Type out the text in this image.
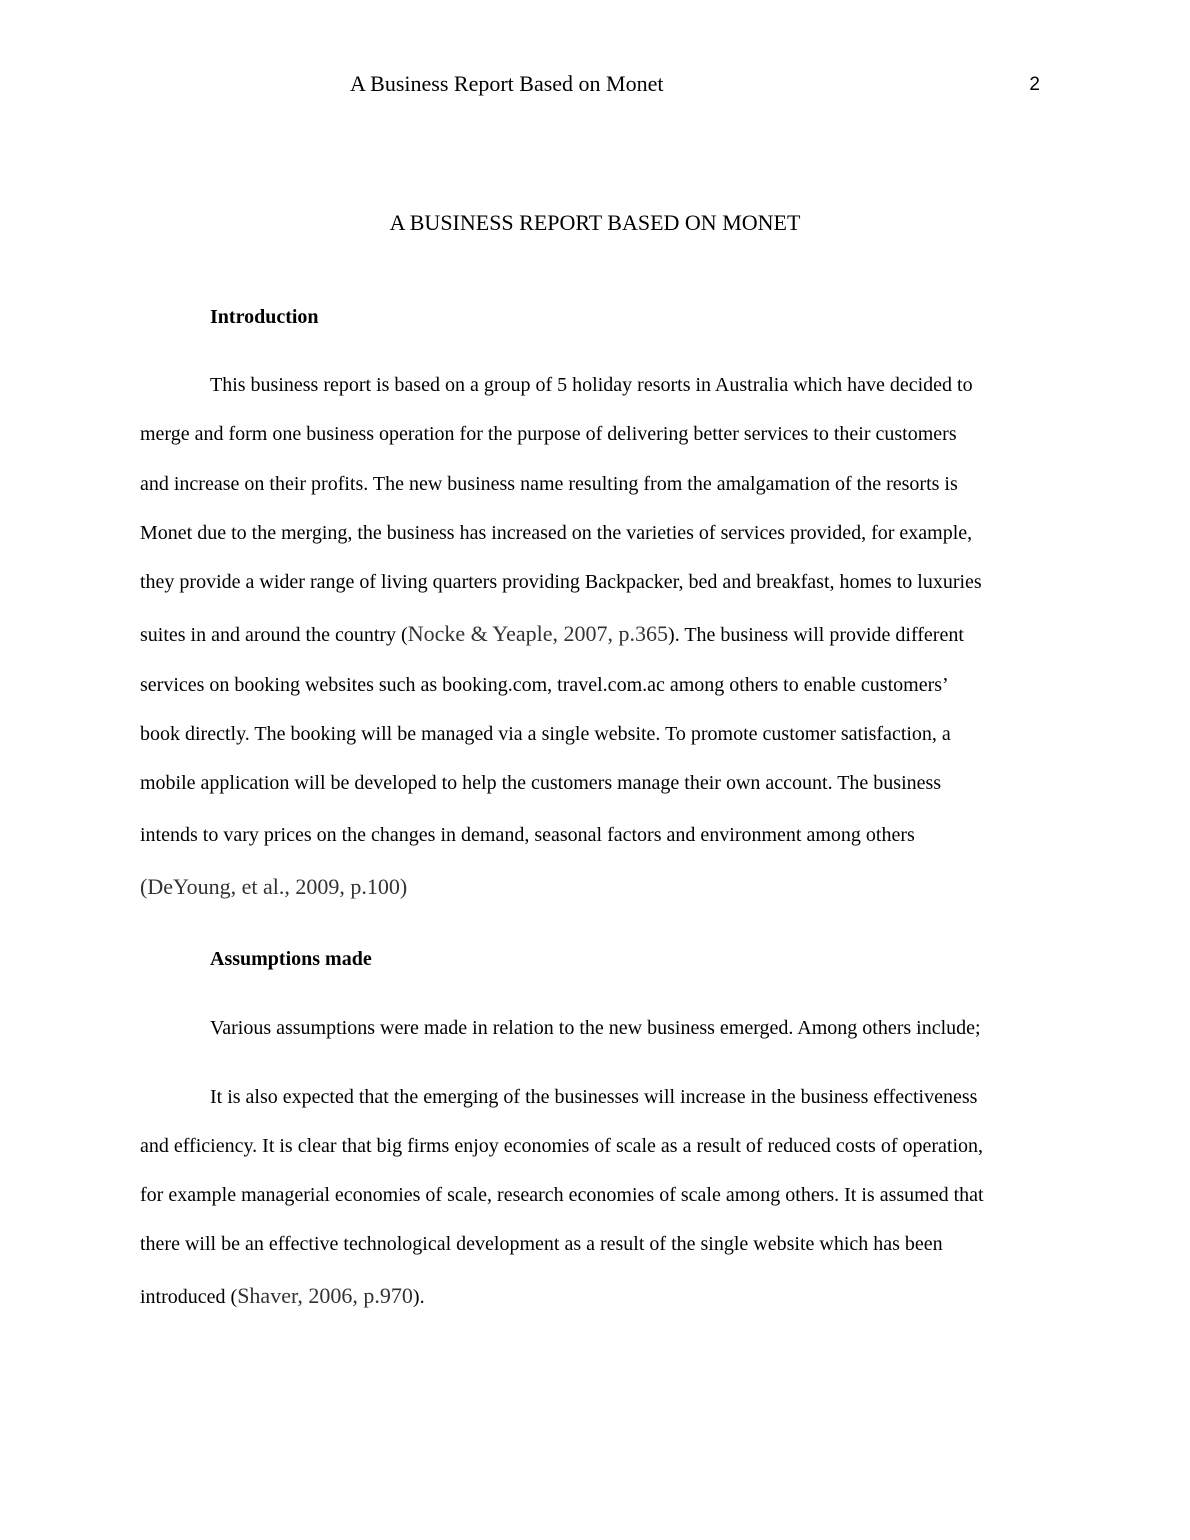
A Business Report Based on Monet	2
A BUSINESS REPORT BASED ON MONET
Introduction
This business report is based on a group of 5 holiday resorts in Australia which have decided to
merge and form one business operation for the purpose of delivering better services to their customers
and increase on their profits. The new business name resulting from the amalgamation of the resorts is
Monet due to the merging, the business has increased on the varieties of services provided, for example,
they provide a wider range of living quarters providing Backpacker, bed and breakfast, homes to luxuries
suites in and around the country (Nocke & Yeaple, 2007, p.365). The business will provide different
services on booking websites such as booking.com, travel.com.ac among others to enable customers’
book directly. The booking will be managed via a single website. To promote customer satisfaction, a
mobile application will be developed to help the customers manage their own account. The business
intends to vary prices on the changes in demand, seasonal factors and environment among others
(DeYoung, et al., 2009, p.100)
Assumptions made
Various assumptions were made in relation to the new business emerged. Among others include;
It is also expected that the emerging of the businesses will increase in the business effectiveness
and efficiency. It is clear that big firms enjoy economies of scale as a result of reduced costs of operation,
for example managerial economies of scale, research economies of scale among others. It is assumed that
there will be an effective technological development as a result of the single website which has been
introduced (Shaver, 2006, p.970).
